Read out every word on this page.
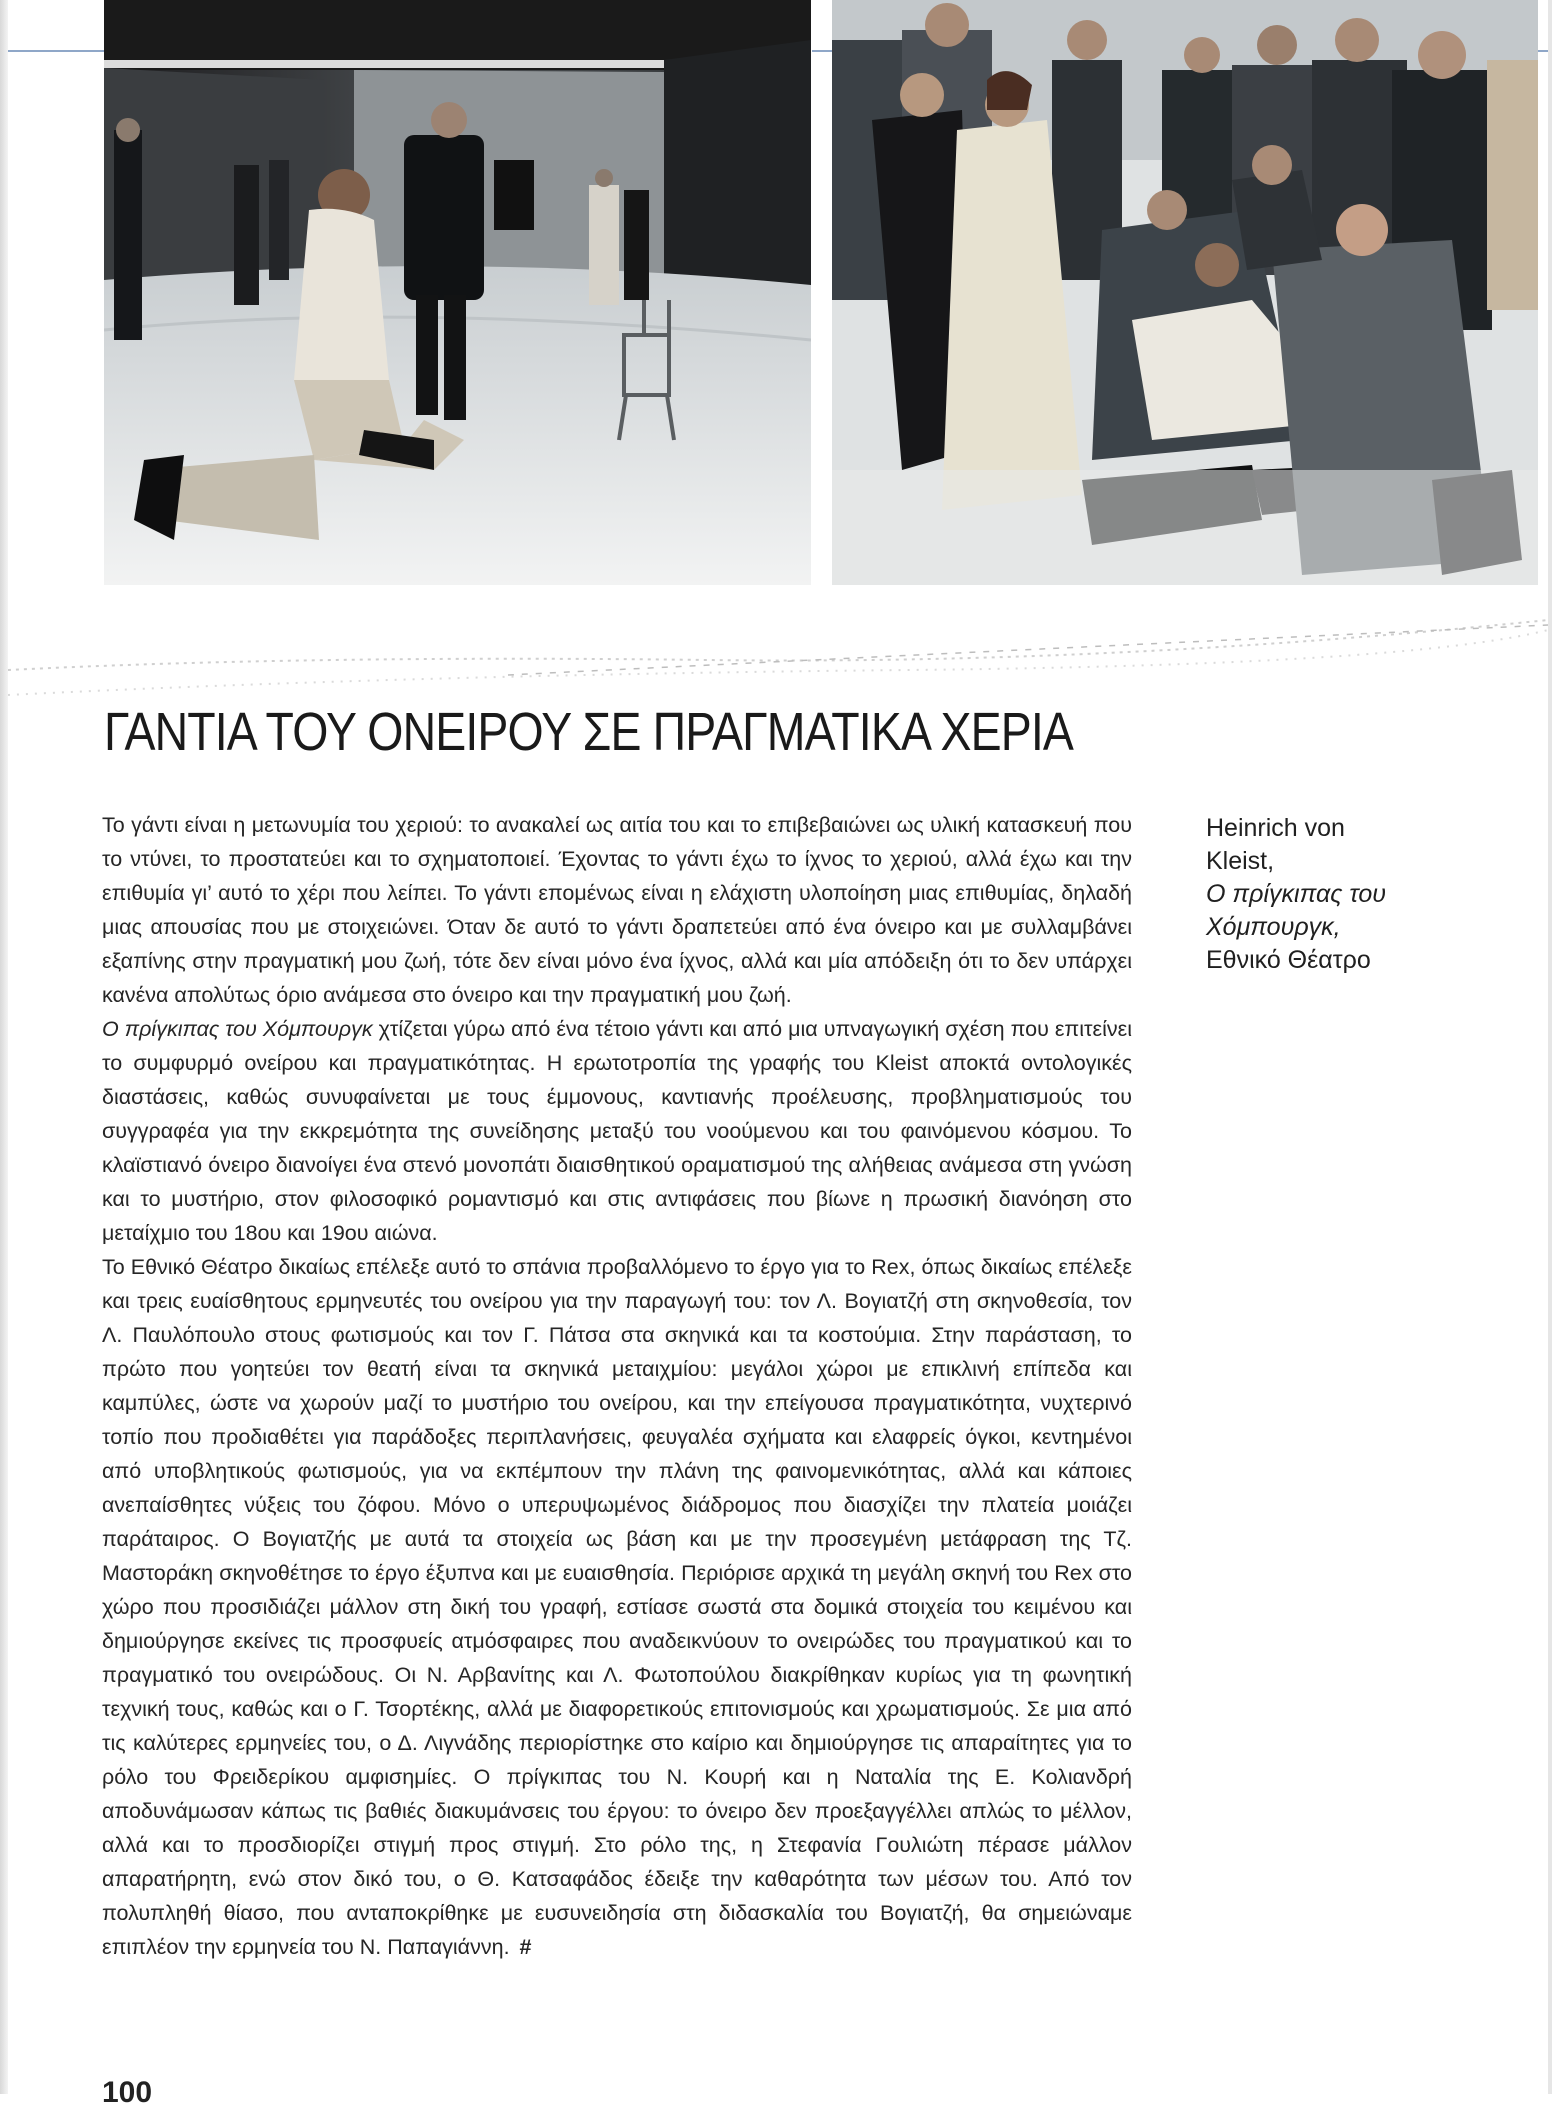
ΓΑΝΤΙΑ ΤΟΥ ΟΝΕΙΡΟΥ ΣΕ ΠΡΑΓΜΑΤΙΚΑ ΧΕΡΙΑ
Heinrich von
Kleist,
Ο πρίγκιπας του
Χόμπουργκ,
Εθνικό Θέατρο

Το γάντι είναι η μετωνυμία του χεριού: το ανακαλεί ως αιτία του και το επιβεβαιώνει ως υλική κατασκευή που το ντύνει, το προστατεύει και το σχηματοποιεί. Έχοντας το γάντι έχω το ίχνος το χεριού, αλλά έχω και την επιθυμία γι’ αυτό το χέρι που λείπει. Το γάντι επομένως είναι η ελάχιστη υλοποίηση μιας επιθυμίας, δηλαδή μιας απουσίας που με στοιχειώνει. Όταν δε αυτό το γάντι δραπετεύει από ένα όνειρο και με συλλαμβάνει εξαπίνης στην πραγματική μου ζωή, τότε δεν είναι μόνο ένα ίχνος, αλλά και μία απόδειξη ότι το δεν υπάρχει κανένα απολύτως όριο ανάμεσα στο όνειρο και την πραγματική μου ζωή.

Ο πρίγκιπας του Χόμπουργκ χτίζεται γύρω από ένα τέτοιο γάντι και από μια υπναγωγική σχέση που επιτείνει το συμφυρμό ονείρου και πραγματικότητας. Η ερωτοτροπία της γραφής του Kleist αποκτά οντολογικές διαστάσεις, καθώς συνυφαίνεται με τους έμμονους, καντιανής προέλευσης, προβληματισμούς του συγγραφέα για την εκκρεμότητα της συνείδησης μεταξύ του νοούμενου και του φαινόμενου κόσμου. Το κλαϊστιανό όνειρο διανοίγει ένα στενό μονοπάτι διαισθητικού οραματισμού της αλήθειας ανάμεσα στη γνώση και το μυστήριο, στον φιλοσοφικό ρομαντισμό και στις αντιφάσεις που βίωνε η πρωσική διανόηση στο μεταίχμιο του 18ου και 19ου αιώνα.

Το Εθνικό Θέατρο δικαίως επέλεξε αυτό το σπάνια προβαλλόμενο το έργο για το Rex, όπως δικαίως επέλεξε και τρεις ευαίσθητους ερμηνευτές του ονείρου για την παραγωγή του: τον Λ. Βογιατζή στη σκηνοθεσία, τον Λ. Παυλόπουλο στους φωτισμούς και τον Γ. Πάτσα στα σκηνικά και τα κοστούμια. Στην παράσταση, το πρώτο που γοητεύει τον θεατή είναι τα σκηνικά μεταιχμίου: μεγάλοι χώροι με επικλινή επίπεδα και καμπύλες, ώστε να χωρούν μαζί το μυστήριο του ονείρου, και την επείγουσα πραγματικότητα, νυχτερινό τοπίο που προδιαθέτει για παράδοξες περιπλανήσεις, φευγαλέα σχήματα και ελαφρείς όγκοι, κεντημένοι από υποβλητικούς φωτισμούς, για να εκπέμπουν την πλάνη της φαινομενικότητας, αλλά και κάποιες ανεπαίσθητες νύξεις του ζόφου. Μόνο ο υπερυψωμένος διάδρομος που διασχίζει την πλατεία μοιάζει παράταιρος. Ο Βογιατζής με αυτά τα στοιχεία ως βάση και με την προσεγμένη μετάφραση της Τζ. Μαστοράκη σκηνοθέτησε το έργο έξυπνα και με ευαισθησία. Περιόρισε αρχικά τη μεγάλη σκηνή του Rex στο χώρο που προσιδιάζει μάλλον στη δική του γραφή, εστίασε σωστά στα δομικά στοιχεία του κειμένου και δημιούργησε εκείνες τις προσφυείς ατμόσφαιρες που αναδεικνύουν το ονειρώδες του πραγματικού και το πραγματικό του ονειρώδους. Οι Ν. Αρβανίτης και Λ. Φωτοπούλου διακρίθηκαν κυρίως για τη φωνητική τεχνική τους, καθώς και ο Γ. Τσορτέκης, αλλά με διαφορετικούς επιτονισμούς και χρωματισμούς. Σε μια από τις καλύτερες ερμηνείες του, ο Δ. Λιγνάδης περιορίστηκε στο καίριο και δημιούργησε τις απαραίτητες για το ρόλο του Φρειδερίκου αμφισημίες. Ο πρίγκιπας του Ν. Κουρή και η Ναταλία της Ε. Κολιανδρή αποδυνάμωσαν κάπως τις βαθιές διακυμάνσεις του έργου: το όνειρο δεν προεξαγγέλλει απλώς το μέλλον, αλλά και το προσδιορίζει στιγμή προς στιγμή. Στο ρόλο της, η Στεφανία Γουλιώτη πέρασε μάλλον απαρατήρητη, ενώ στον δικό του, ο Θ. Κατσαφάδος έδειξε την καθαρότητα των μέσων του. Από τον πολυπληθή θίασο, που ανταποκρίθηκε με ευσυνειδησία στη διδασκαλία του Βογιατζή, θα σημειώναμε επιπλέον την ερμηνεία του Ν. Παπαγιάννη. #

100
